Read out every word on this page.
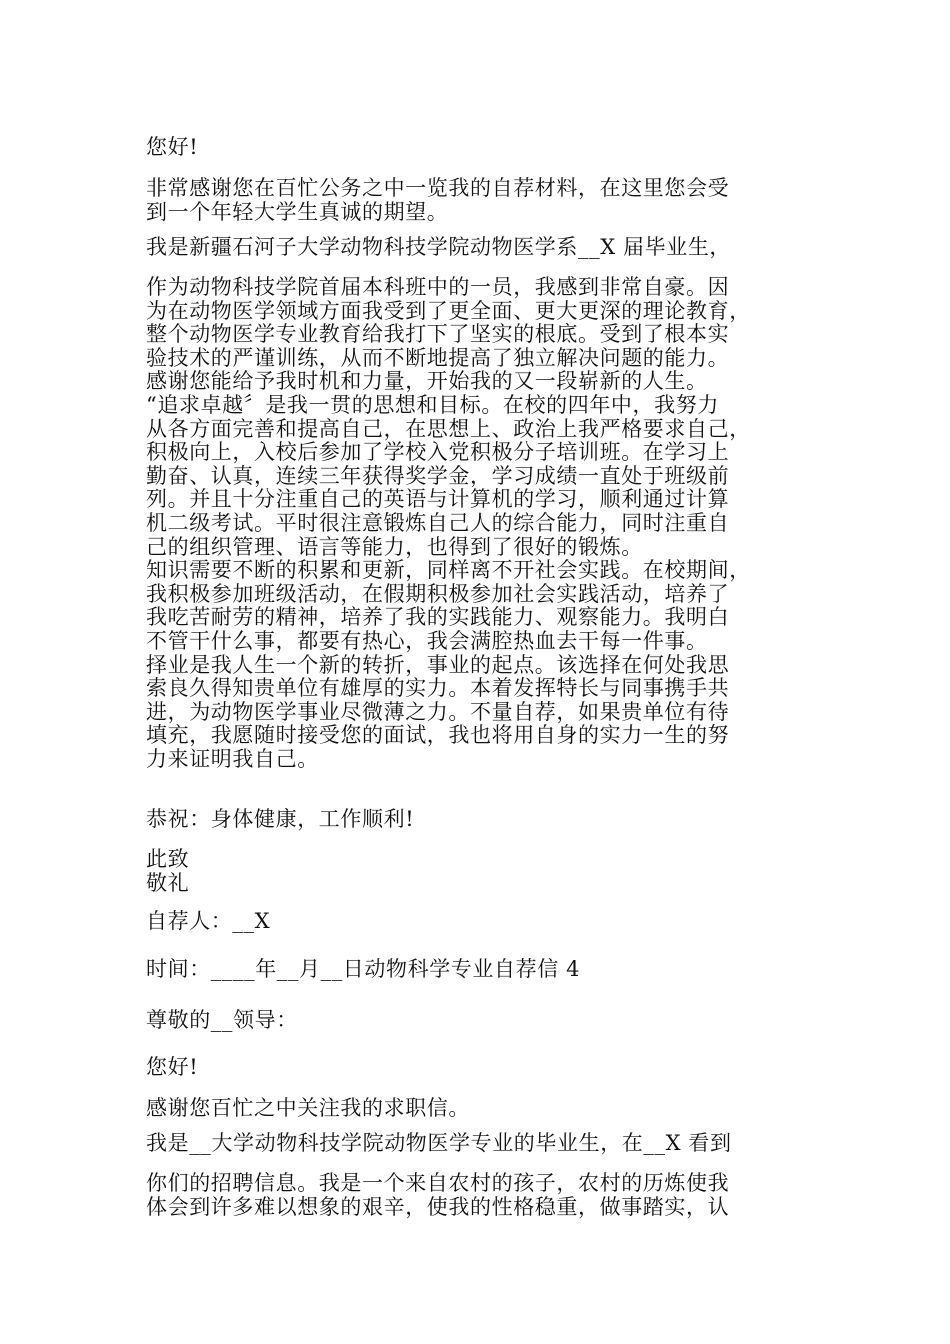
您好!
非常感谢您在百忙公务之中一览我的自荐材料，在这里您会受
到一个年轻大学生真诚的期望。
我是新疆石河子大学动物科技学院动物医学系__X 届毕业生，
作为动物科技学院首届本科班中的一员，我感到非常自豪。因
为在动物医学领域方面我受到了更全面、更大更深的理论教育，
整个动物医学专业教育给我打下了坚实的根底。受到了根本实
验技术的严谨训练，从而不断地提高了独立解决问题的能力。
感谢您能给予我时机和力量，开始我的又一段崭新的人生。
“追求卓越〞是我一贯的思想和目标。在校的四年中，我努力
从各方面完善和提高自己，在思想上、政治上我严格要求自己，
积极向上，入校后参加了学校入党积极分子培训班。在学习上
勤奋、认真，连续三年获得奖学金，学习成绩一直处于班级前
列。并且十分注重自己的英语与计算机的学习，顺利通过计算
机二级考试。平时很注意锻炼自己人的综合能力，同时注重自
己的组织管理、语言等能力，也得到了很好的锻炼。
知识需要不断的积累和更新，同样离不开社会实践。在校期间，
我积极参加班级活动，在假期积极参加社会实践活动，培养了
我吃苦耐劳的精神，培养了我的实践能力、观察能力。我明白
不管干什么事，都要有热心，我会满腔热血去干每一件事。
择业是我人生一个新的转折，事业的起点。该选择在何处我思
索良久得知贵单位有雄厚的实力。本着发挥特长与同事携手共
进，为动物医学事业尽微薄之力。不量自荐，如果贵单位有待
填充，我愿随时接受您的面试，我也将用自身的实力一生的努
力来证明我自己。
恭祝：身体健康，工作顺利!
此致
敬礼
自荐人：__X
时间：____年__月__日动物科学专业自荐信 4
尊敬的__领导：
您好!
感谢您百忙之中关注我的求职信。
我是__大学动物科技学院动物医学专业的毕业生，在__X 看到
你们的招聘信息。我是一个来自农村的孩子，农村的历炼使我
体会到许多难以想象的艰辛，使我的性格稳重，做事踏实，认
